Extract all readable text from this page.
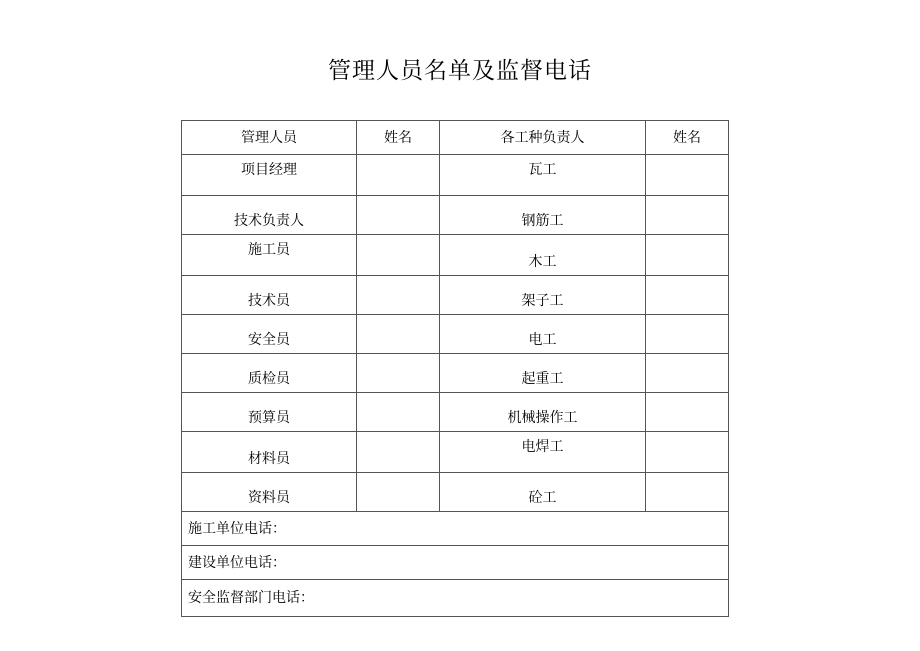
管理人员名单及监督电话
管理人员	姓名	各工种负责人	姓名
项目经理		瓦工	
技术负责人		钢筋工	
施工员		木工	
技术员		架子工	
安全员		电工	
质检员		起重工	
预算员		机械操作工	
材料员		电焊工	
资料员		砼工	
施工单位电话：			
建设单位电话：			
安全监督部门电话：			
